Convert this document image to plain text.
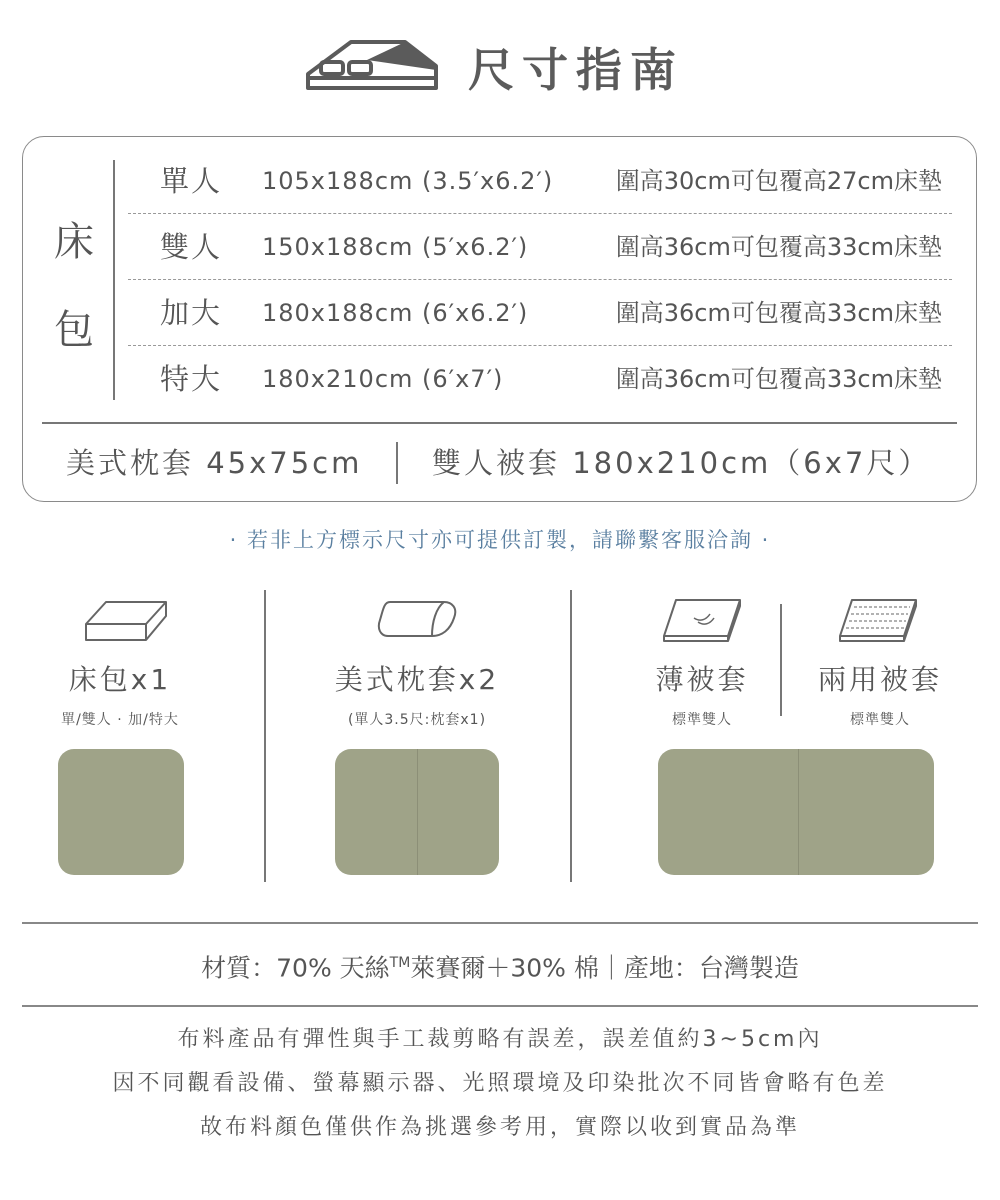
尺寸指南
床
包
單人 105x188cm (3.5′x6.2′)	圍高30cm可包覆高27cm床墊
雙人 150x188cm (5′x6.2′)	圍高36cm可包覆高33cm床墊
加大 180x188cm (6′x6.2′)	圍高36cm可包覆高33cm床墊
特大 180x210cm (6′x7′)	圍高36cm可包覆高33cm床墊
美式枕套 45x75cm 雙人被套 180x210cm（6x7尺）
· 若非上方標示尺寸亦可提供訂製，請聯繫客服洽詢 ·
床包x1
單/雙人 · 加/特大
美式枕套x2
(單人3.5尺:枕套x1)
薄被套
標準雙人
兩用被套
標準雙人
材質：70% 天絲™萊賽爾＋30% 棉｜產地：台灣製造
布料產品有彈性與手工裁剪略有誤差，誤差值約3~5cm內
因不同觀看設備、螢幕顯示器、光照環境及印染批次不同皆會略有色差
故布料顏色僅供作為挑選參考用，實際以收到實品為準
